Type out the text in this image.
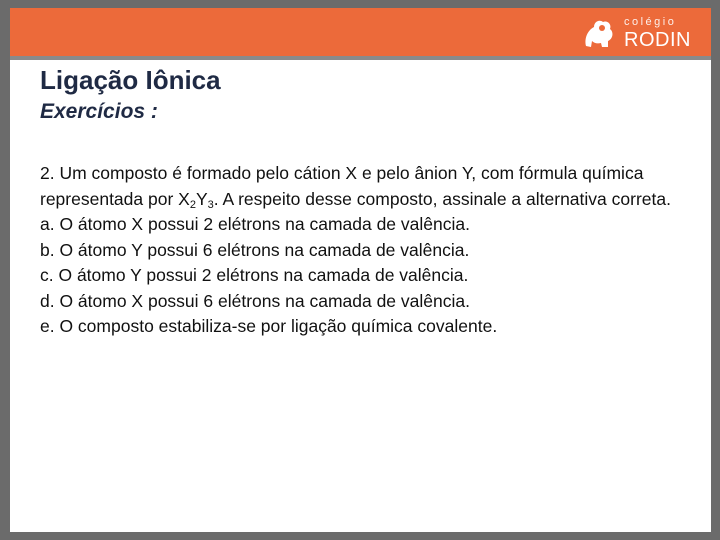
colégio
RODIN
Ligação Iônica
Exercícios :

2. Um composto é formado pelo cátion X e pelo ânion Y, com fórmula química representada por $X_2Y_3$. A respeito desse composto, assinale a alternativa correta.

a. O átomo X possui 2 elétrons na camada de valência.

b. O átomo Y possui 6 elétrons na camada de valência.

c. O átomo Y possui 2 elétrons na camada de valência.

d. O átomo X possui 6 elétrons na camada de valência.

e. O composto estabiliza-se por ligação química covalente.
